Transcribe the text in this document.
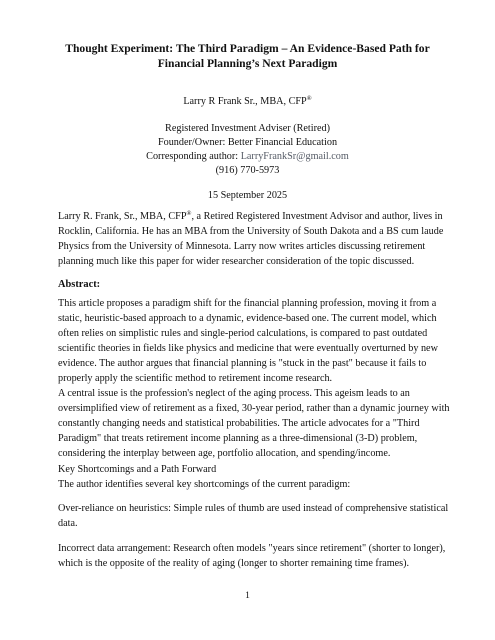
Thought Experiment: The Third Paradigm – An Evidence-Based Path for
Financial Planning’s Next Paradigm
Larry R Frank Sr., MBA, CFP®
Registered Investment Adviser (Retired)
Founder/Owner: Better Financial Education
Corresponding author: LarryFrankSr@gmail.com
(916) 770-5973
15 September 2025
Larry R. Frank, Sr., MBA, CFP®, a Retired Registered Investment Advisor and author, lives in
Rocklin, California. He has an MBA from the University of South Dakota and a BS cum laude
Physics from the University of Minnesota. Larry now writes articles discussing retirement
planning much like this paper for wider researcher consideration of the topic discussed.
Abstract:
This article proposes a paradigm shift for the financial planning profession, moving it from a
static, heuristic-based approach to a dynamic, evidence-based one. The current model, which
often relies on simplistic rules and single-period calculations, is compared to past outdated
scientific theories in fields like physics and medicine that were eventually overturned by new
evidence. The author argues that financial planning is "stuck in the past" because it fails to
properly apply the scientific method to retirement income research.
A central issue is the profession's neglect of the aging process. This ageism leads to an
oversimplified view of retirement as a fixed, 30-year period, rather than a dynamic journey with
constantly changing needs and statistical probabilities. The article advocates for a "Third
Paradigm" that treats retirement income planning as a three-dimensional (3-D) problem,
considering the interplay between age, portfolio allocation, and spending/income.
Key Shortcomings and a Path Forward
The author identifies several key shortcomings of the current paradigm:
Over-reliance on heuristics: Simple rules of thumb are used instead of comprehensive statistical
data.
Incorrect data arrangement: Research often models "years since retirement" (shorter to longer),
which is the opposite of the reality of aging (longer to shorter remaining time frames).
1
